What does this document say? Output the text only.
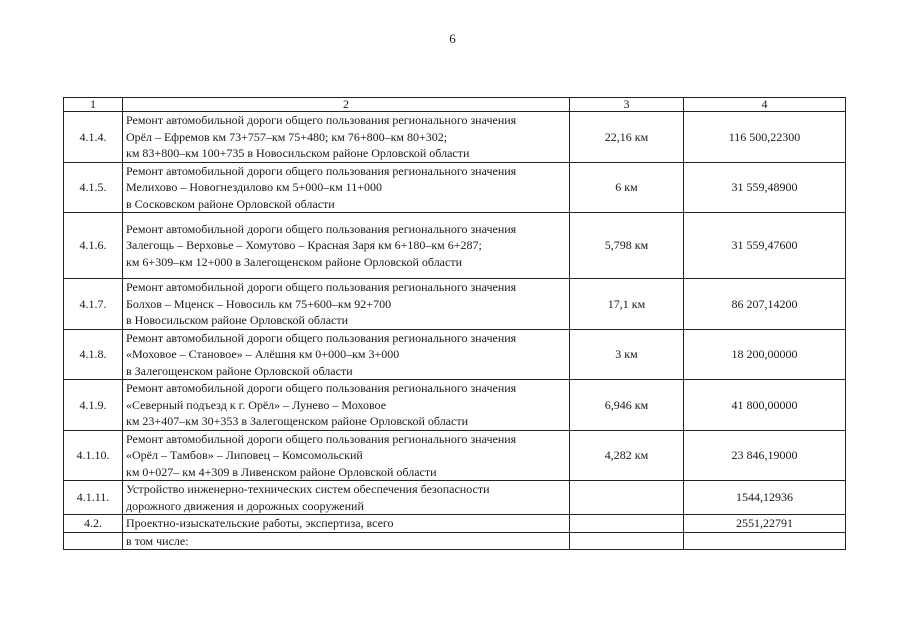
6
1	2	3	4
4.1.4.	Ремонт автомобильной дороги общего пользования регионального значения
Орёл – Ефремов км 73+757–км 75+480; км 76+800–км 80+302;
км 83+800–км 100+735 в Новосильском районе Орловской области	22,16 км	116 500,22300
4.1.5.	Ремонт автомобильной дороги общего пользования регионального значения
Мелихово – Новогнездилово км 5+000–км 11+000
в Сосковском районе Орловской области	6 км	31 559,48900
4.1.6.	Ремонт автомобильной дороги общего пользования регионального значения
Залегощь – Верховье – Хомутово – Красная Заря км 6+180–км 6+287;
км 6+309–км 12+000 в Залегощенском районе Орловской области	5,798 км	31 559,47600
4.1.7.	Ремонт автомобильной дороги общего пользования регионального значения
Болхов – Мценск – Новосиль км 75+600–км 92+700
в Новосильском районе Орловской области	17,1 км	86 207,14200
4.1.8.	Ремонт автомобильной дороги общего пользования регионального значения
«Моховое – Становое» – Алёшня км 0+000–км 3+000
в Залегощенском районе Орловской области	3 км	18 200,00000
4.1.9.	Ремонт автомобильной дороги общего пользования регионального значения
«Северный подъезд к г. Орёл» – Лунево – Моховое
км 23+407–км 30+353 в Залегощенском районе Орловской области	6,946 км	41 800,00000
4.1.10.	Ремонт автомобильной дороги общего пользования регионального значения
«Орёл – Тамбов» – Липовец – Комсомольский
км 0+027– км 4+309 в Ливенском районе Орловской области	4,282 км	23 846,19000
4.1.11.	Устройство инженерно-технических систем обеспечения безопасности
дорожного движения и дорожных сооружений		1544,12936
4.2.	Проектно-изыскательские работы, экспертиза, всего		2551,22791

	в том числе:		
